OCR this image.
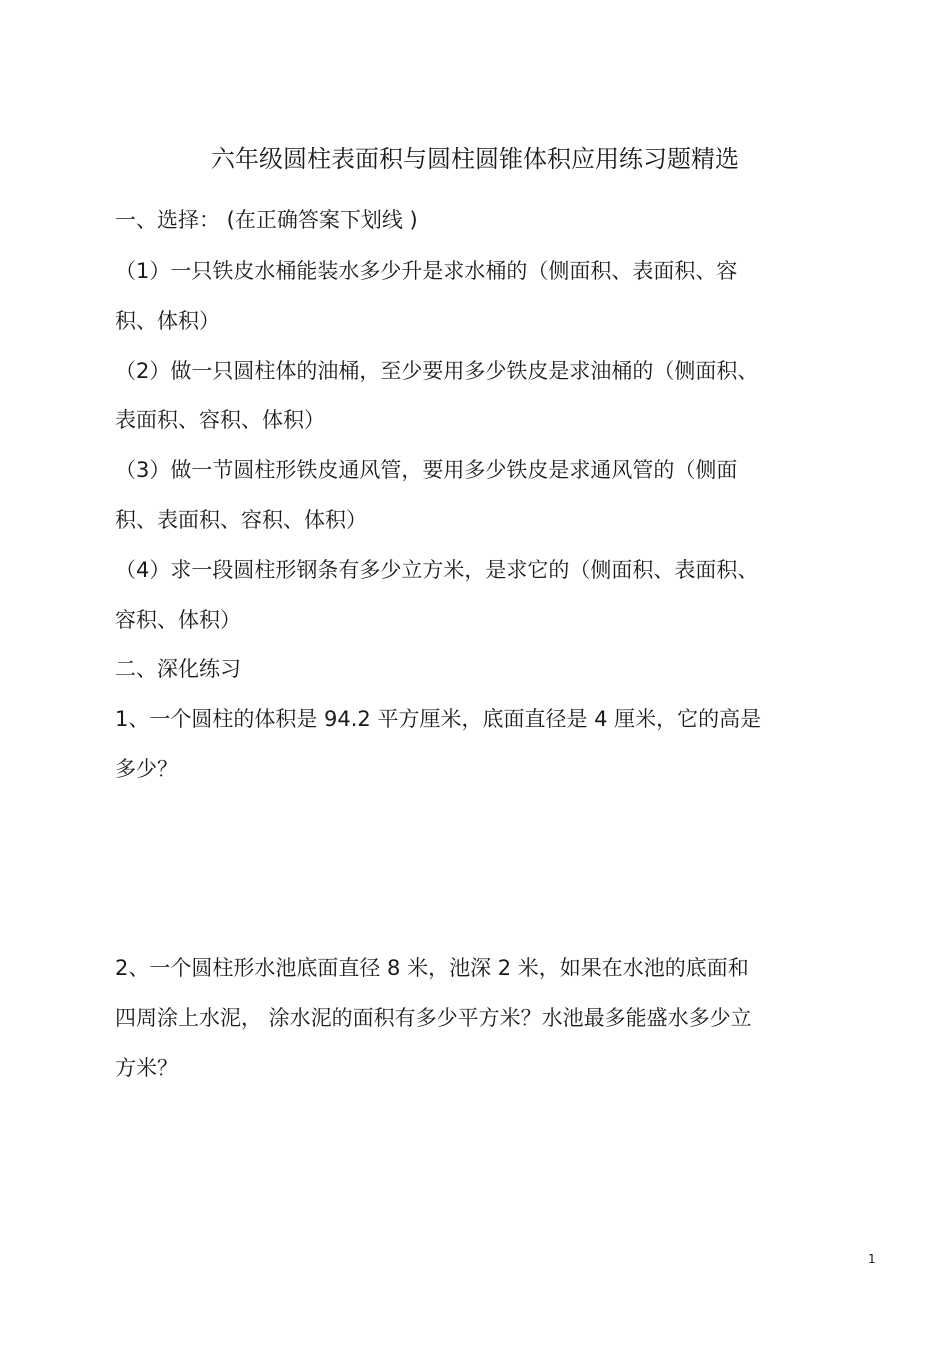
六年级圆柱表面积与圆柱圆锥体积应用练习题精选
一、选择： (在正确答案下划线 )
（1）一只铁皮水桶能装水多少升是求水桶的（侧面积、表面积、容
积、体积）
（2）做一只圆柱体的油桶，至少要用多少铁皮是求油桶的（侧面积、
表面积、容积、体积）
（3）做一节圆柱形铁皮通风管，要用多少铁皮是求通风管的（侧面
积、表面积、容积、体积）
（4）求一段圆柱形钢条有多少立方米，是求它的（侧面积、表面积、
容积、体积）
二、深化练习
1、一个圆柱的体积是 94.2 平方厘米，底面直径是 4 厘米，它的高是
多少？
2、一个圆柱形水池底面直径 8 米，池深 2 米，如果在水池的底面和
四周涂上水泥， 涂水泥的面积有多少平方米？水池最多能盛水多少立
方米？
1
